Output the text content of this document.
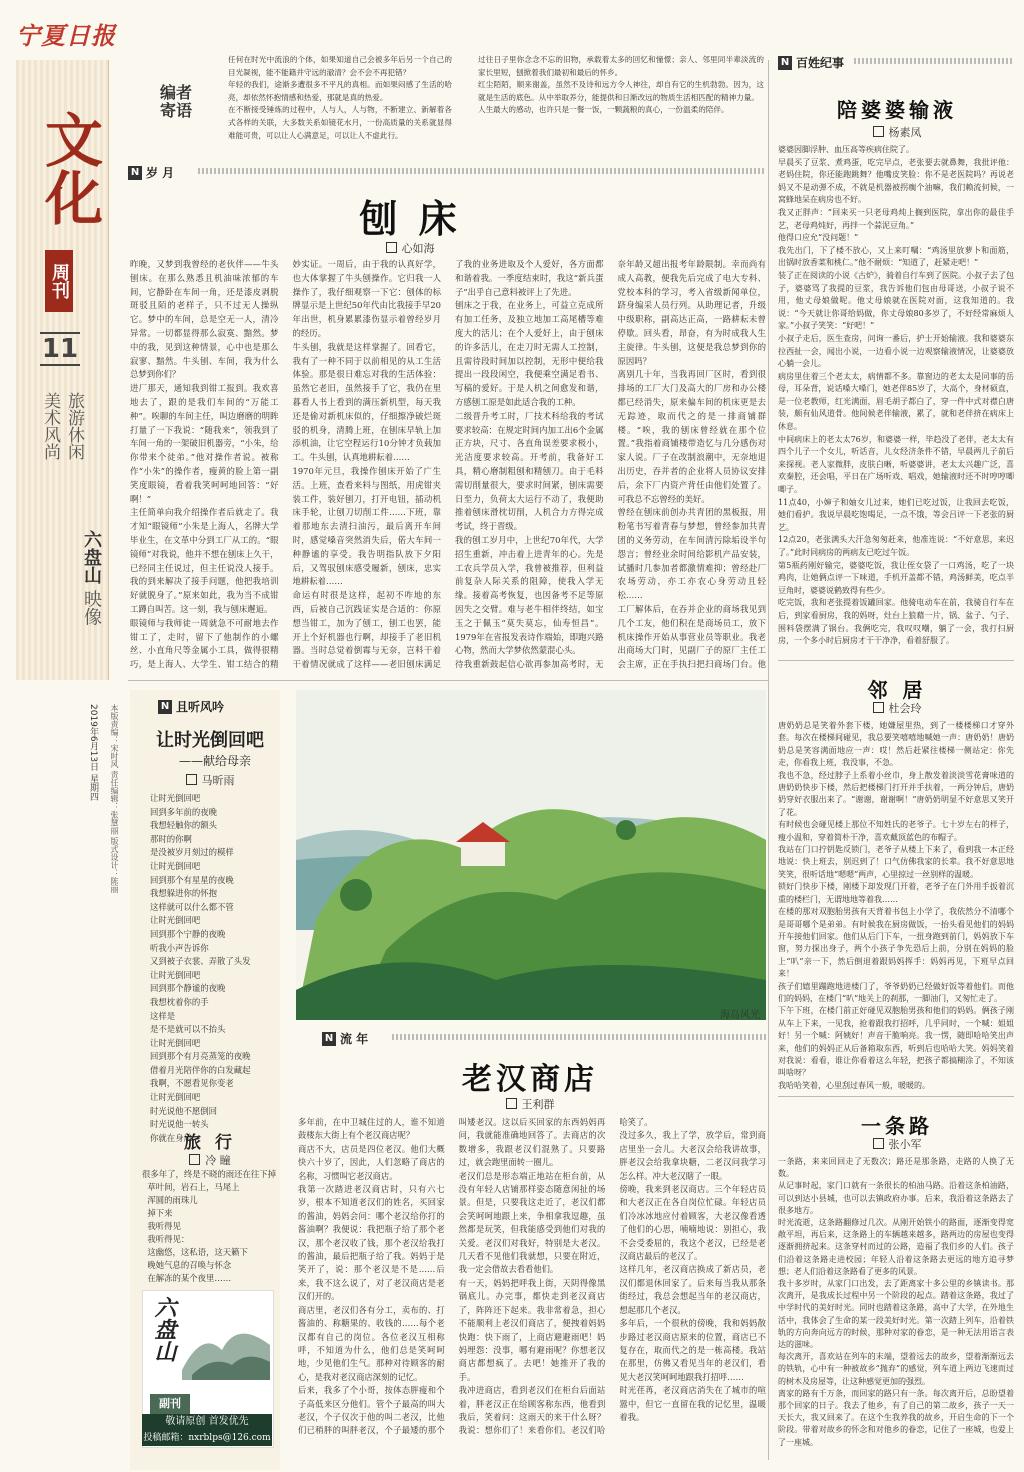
宁夏日报
文化
周刊
11
旅游休闲
美术风尚
六盘山 映像
本版责编：宋时风 责任编辑：张慧丽 版式设计：陈丽
2019年6月13日 星期四
编者寄语
任何在时光中流浪的个体，如果知道自己会被多年后另一个自己的目光凝视，能不能籍并守远的澈清？会不会不再犯错？
年轻的我们，途渐多遭很多不平凡的真相。而如果闷感了生活的哈亮，却依然怀抱情感和热爱，那就是真的热爱。
在不断接受锤炼的过程中，人与人，人与物，不断建立、新解着各式各样的关联，大多数关系如镜花水月，一份高质量的关系就显得难能可贵，可以让人心满意足，可以让人不虚此行。
过往日子里你念念不忘的旧物，承载着太多的回忆和憧憬；亲人、邻里同半辈淡流的家长里短，刨掀着我们最初和最后的怀乡。
红尘陌陌，顺来谢盖，虽然不及诗和远方令人神往，却自有它的生机勃勃。因为，这就是生活的底色。从中举取养分，能提供和日渐改远的物质生活相匹配的精神力量。
人生最大的感动，也许只是一餐一饭，一颗蔬粮的真心，一份温柔的陪伴。
N 岁 月
刨 床
心如海
昨晚，又梦到我曾经的老伙伴——牛头刨床。在那么熟悉且机油味浓郁的车间，它静卧在车间一角，还是漆皮剥脱斑驳且陌的老样子，只不过无人操纵它。梦中的车间，总是空无一人，清冷异常。一切都显得那么寂寞、黯然。梦中的我，见到这种情景，心中也是那么寂寥、黯然。牛头刨、车间，我为什么总梦到你们？
进厂那天，通知我到钳工报到。我欢喜地去了，跟的是我们车间的“万能工种”。唉聊的车间主任，叫边磨磨的明眸打量了一下我说：“随我来”，领我到了车间一角的一架破旧机器旁，“小朱，给你带来个徒弟。”他对操作者说。被称作“小朱”的操作者，瘦黄的脸上第一副笑度眼镜，看着我笑呵呵地回答：“好啊！”
主任简单向我介绍操作者后就走了。我才知“眼镜师”小朱是上海人，名牌大学毕业生，在文革中分到工厂从工的。“眼镜师”对我说，他并不想在刨床上久干，已经同主任说过，但主任说没人接手。我的到来解决了接手问题，他把我培训好就脱身了。”原来如此，我为当不成钳工蹲自叫苦。这一刻，我与刨床邂逅。
眼镜师与我师徒一周就急不可耐地去作钳工了，走时，留下了他制作的小螺丝、小直角尺等金属小工具，做得很精巧，是上海人、大学生、钳工结合的精妙实证。一周后，由于我的认真好学，也大体掌握了牛头刨操作。它归我一人操作了，我仔细观察一下它：刨体的标牌显示是上世纪50年代由比我接手早20年出世，机身累累漆伤显示着曾经岁月的经历。
牛头刨，我就是这样掌握了。回看它，我有了一种不同于以前相见的从工生活体验。那是很日难忘对我的生活体验：虽然它老旧，虽然接手了它，我仍在里暮看人书上看到的满压新机型，每天我还是偷对新机床似的，仔细擦净破烂斑驳的机身，清腾上班，在刨床早轨上加添机油，让它空程运行10分钟才负载加工。牛头刨，认真地耕耘着……
1970年元旦，我操作刨床开始了广生活。上班，查看来料与图纸，用虎钳夹装工件，装好刨刀，打开电钮，插动机床手轮，让刨刀切削工件……下班，靠着那地东去清扫油污，最后离开车间时，感觉嗓音突然消失后，偌大车间一种静谧的享受。我告明指队放下夕阳后，又驾驭刨床感受履新，刨床，忠实地耕耘着……
命运有时很是这样，起初不咋地的东西，后被自己沉践证实是合适的：你原想当钳工，加为了刨工，刨工也罢，能开上个好机器也行啊，却接手了老旧机器。当时总觉着倒霉与无奈，岂料干着干着情况就成了这样——老旧刨床满足了我的业务进取及个人爱好，各方面都和谐着我。一季度结束时，我这“新兵蛋子”出乎自己意料被评上了先进。
刨床之于我，在业务上，可益立克成所有加工任务，及独立地加工高尾槽等难度大的活儿；在个人爱好上，由于刨床的许多活儿，在走刀时无需人工控制，且需待段时间加以控制，无形中便给我提出一段段闲空，我便乘空满足看书、写稿的爱好。于是人机之间愈发和谐，方感刨工原是如此适合我的工种。
二级晋升考工时，厂技术科给我的考试要求较高：在规定时间内加工出6个金属正方块，尺寸、各直角误差要求极小，光洁度要求较高。开考前，我备好工具，精心磨制粗刨和精刨刀。由于毛料需切削量很大，要求时间紧，刨床需要日至力，负荷太大运行不动了，我便助推着刨床滑枕切削，人机合力方得完成考试，终于晋级。
我的刨工岁月中，上世纪70年代，大学招生重新，冲击着上进青年的心。先是工农兵学员入学，我曾被推荐，但利益前复杂人际关系的阻障，使我入学无缘。接着高考恢复，也因备考不足等原因失之交臂。难与老牛相伴终结，如宝玉之于佩玉“莫失莫忘，仙寿恒昌”。1979年在省报发表诗作端始，即跑兴路心物，然而大学梦依然蒙混心头。
待我重新鼓起信心欲再参加高考时，无奈年龄又超出报考年龄限制。幸而尚有成人高教，便我先后完成了电大专科、党校本科的学习，考入省级新闻单位，跻身编采人员行列。从助理记者，升级中级职称，副高达正高，一路耕耘未曾停歇。回头看，昂奋，有为时成我人生主旋律。牛头刨，这便是我总梦到你的原因吗？
离别几十年，当我再回厂区时，看到很排场的工厂大门及高大的厂房和办公楼都已经消失，原来偏车间的机床更是去无踪迹，取而代之的是一排商铺群楼。“唉，我的刨床曾经就在那个位置。”我指着商铺楼带造忆与几分感伤对家人说。厂子在改制浪潮中，无奈地退出历史，吞并者的企业将人员协议安排后，余下厂内资产背任由他们处置了。可我总不忘曾经的美好。
曾经在刨床前创办共青团的黑板报，用粉笔书写着青春与梦想，曾经参加共青团的义务劳动，在车间清污除垢设半句怨言；曾经业余时间给影机产品安装，试播时几参加者都激情难抑；曾经赴厂农场劳动，亦工亦农心身劳动且轻松……
工厂解体后，在吞并企业的商场我见到几个工友，他们积在是商场员工，放下机床操作开始从事营业员等职业。我老出商场大门时，见副厂子的原厂主任工会主席，正在手执扫把扫商场门台。他

N 百姓纪事
陪婆婆输液
杨素凤
婆婆因脚浮肿、血压高等疾病住院了。
早晨买了豆浆、煮鸡蛋，吃完早点，老张要去就鼻舞，我批评他：老妈住院，你还能跑跳舞？他嘴皮笑脸：你不是老医院吗？再说老妈又不是动弹不成，不就是机器被拐瘸个油嘛，我们赖流何候，一窝蜂地呆在病房也不好。
我又正胖声：“回来买一只老母鸡炖上搁到医院，拿出你的最佳手艺，老母鸡炖好，再拌一个蒜泥豆角。”
他得口应允“没问题！”
我先出门，下了楼不放心，又上来叮嘱：“鸡汤里放萝卜和面筋，出锅时放香菜和桃仁。”他不耐烦：“知道了，赶紧走吧！”
装了正在阅读的小说《古炉》，骑着自行车到了医院。小叔子去了包子，婆婆骂了我提的豆浆，我告诉他们包由母哥送，小叔子说不用，他丈母娘做呢。他丈母娘就在医院对面，这我知道的。我说：“今天就让你哥给妈做，你丈母娘80多岁了，不好经常麻烦人家。”小叔子笑笑：“好吧！”
小叔子走后，医生查房，问询一番后，护士开始输液。我和婆婆东拉西扯一会，闻出小说，一边看小说一边观察输液情况，让婆婆放心躺一会儿。
病房里住着三个老太太，病情都不多。靠窗边的老太太是同事的岳母，耳朵背，说话嗓大嗓门，她老伴85岁了，大高个，身材硕直，是一位老教师，红光满面，眉毛胡子都白了，穿一件中式对襟白唐装，颇有仙风道骨。他间候老伴输液，累了，就和老伴挤在病床上休息。
中间病床上的老太太76岁，和婆婆一样，毕趋没了老伴，老太太有四个儿子一个女儿，听话音，儿女经济条件不错，早晨两儿子前后来探视。老人家微胖，皮肤白晰，听婆婆讲，老太太兴趣广泛，喜欢秦腔，还会唱，平日在广场听戏、唱戏，她输液时还不时哼哼唧唧子。
11点40，小婶子和妯女儿过来，她们已吃过饭，让我回去吃饭，她们看护。我说早晨吃饱喝足，一点不饿，等会吕评一下老张的厨艺。
12点20，老张满头大汗急匆匆赶来，他准连说：“不好意思，来迟了。”此时同病房的两病友已吃过午饭。
第5瓶药刚好输完，婆婆吃饭，我让侄女袋了一口鸡汤，吃了一块鸡肉，让她俩点评一下味道，手机开盖都不错，鸡汤鲜美，吃点半豆角时，婆婆说鹤致得有些少。
吃完饭，我和老张提着饭罐回家。他骑电动车在前，我骑自行车在后，到家看厨房，我的妈呀，灶台上狼藉一片，锅、盆子、勺子、围料袋摆满了锅台。我俩吃完，我叹叹嘲，躺了一会，我打扫厨房，一个多小时后厨房才干干净净，看着舒服了。
邻 居
杜会玲
唐奶奶总是笑着外套下楼，她嫌屋里热，到了一楼楼梯口才穿外套。每次在楼梯间碰见，我总要笑嘻嘻地喊她一声：唐奶奶！唐奶奶总是笑容满面地应一声：哎！然后赶紧往楼梯一侧站定：你先走，你看我上班，我没事，不急。
我也不急，经过脖子上系着小丝巾，身上散发着淡淡雪花膏味道的唐奶奶快步下楼，然后把楼梯门打开并手扶着，一两分钟后，唐奶奶穿好衣服出来了。“谢谢，谢谢啊！”唐奶奶明显不好意思又笑开了花。
有时候也会碰见楼上那位不知姓氏的老爷子。七十岁左右的样子，瘦小温和，穿着简朴干净，喜欢戴顶蓝色的布帽子。
我站在门口拧钥匙反锁门，老爷子从楼上下来了，看到我一本正经地说：快上班去，别迟到了！口气仿佛我家的长辈。我不好意思地笑笑，很听话地“嗯嗯”两声，心里掠过一丝别样的温暖。
锁好门快步下楼，刚楼下却发现门开着，老爷子在门外用手扳着沉重的楼栏门，无谓地地等着我……
在楼的那对双胞胎男孩有天背着书包上小学了，我依然分不清哪个是哥哥哪个是弟弟。有时候我在厨房做饭，一抬头看见他们的妈妈开车接他们回家。他们从后门下车，一扭身跑到前门，妈妈放下车窗，努力探出身子，两个小孩子争先恐后上前，分别在妈妈的脸上“叭”亲一下，然后倒退着跟妈妈挥手：妈妈再见，下班早点回来！
孩子们嬉里蹦跑地进楼门了，爷爷奶奶已经做好饭等着他们。而他们的妈妈，在楼门“叭”地关上的刹那，一脚油门，又匆忙走了。
下午下班，在楼门前正好碰见双胞胎男孩和他们的妈妈。俩孩子刚从车上下来，一见我，抢着跟我打招呼，几乎同时，一个喊：姐姐好！另一个喊：阿姨好！声音干脆响亮。我一愣，随即哈哈笑出声来，他们的妈妈正从后备箱取东西，听到后也哈哈大笑。妈妈笑着对我说：看看，谁让你看着这么年轻，把孩子都搞糊涂了，不知该叫啥呀？
我哈哈笑着，心里刮过春风一般，暖暖的。
一条路
张小军
一条路，来来回回走了无数次；路还是那条路，走路的人换了无数。
从记事时起，家门口就有一条很长的柏油马路。沿着这条柏油路，可以到达小县城，也可以去镇政府办事。后来，我沿着这条路去了很多地方。
时光流逝，这条路翻修过几次。从刚开始铁小的路面，逐渐变得宽敞平坦，再后来，这条路上的车辆越来越多，路两边的房屋也变得逐渐拥挤起来。这条穿村而过的公路，造福了我们乡的人们。孩子们沿着这条路走进校园；年轻人沿着这条路去更远的地方追寻梦想；老人们沿着这条路看了更多的风景。
我十多岁时，从家门口出发，去了距离家十多公里的乡镇读书。那次离开，是我成长过程中另一个阶段的起点。踏着这条路，我过了中学时代的美好时光。同时也踏着这条路，高中了大学，在外地生活中，我体会了生命的某一段美好时光。第一次踏上列车，沿着铁轨的方向奔向远方的时候，那种对家的眷恋，是一种无法用语言表达的滋味。
每次离开，喜欢站在列车的末端，望着远去的故乡，望着渐渐远去的铁轨，心中有一种被故乡“抛弃”的感觉，列车道上两边飞速而过的树木及房屋等，让这种感觉更加的强烈。
离家的路有千万条，而回家的路只有一条。每次离开后，总盼望着那个回家的日子。我去了他乡，有了自己的第二故乡，孩子一天一天长大，我又回来了。在这个生我养我的故乡，开启生命的下一个阶段。带着对故乡的怀念和对他乡的眷恋，记住了一座城，也爱上了一座城。
N 且听风吟
让时光倒回吧
——献给母亲
马昕雨
让时光倒回吧
回到多年前的夜晚
我想轻触你的额头
那时的你啊
是没被岁月刻过的模样
让时光倒回吧
回到那个有星星的夜晚
我想躲进你的怀抱
这样就可以什么都不管
让时光倒回吧
回到那个宁静的夜晚
听我小声告诉你
又到被子衣裳、弄散了头发
让时光倒回吧
回到那个静谧的夜晚
我想枕着你的手
这样是
是不是就可以不抬头
让时光倒回吧
回到那个有月亮蒸笼的夜晚
借着月光陪伴你的白发藏起
我啊，不愿看见你变老
让时光倒回吧
时光说他不愿倒回
时光说他一转头
你就在身后
旅 行
冷 瞳
很多年了，终是不晓的雨还在往下掉
草叶间，岩石上，马尾上
浑圆的雨珠儿
掉下来
我听得见
我听得见：
这幽悠，这私语，这天籁下
晚她气息的召唤与怀念
在解冻的某个夜里……
六盘山
副刊
敬请原创 首发优先
投稿邮箱：nxrblps@126.com
海岛风光
N 流 年
老汉商店
王利群
多年前，在中卫城住过的人，谁不知道鼓楼东大街上有个老汉商店呢？
商店不大，店员是四位老汉。他们大概快六十岁了，因此，人们忽略了商店的名称，习惯叫它老汉商店。
我第一次踏进老汉商店时，只有六七岁，根本不知道老汉们的姓名，买回家的酱油，妈妈会问：哪个老汉给你打的酱油啊？我便说：我把瓶子给了那个老汉，那个老汉收了钱，那个老汉给我打的酱油，最后把瓶子给了我。妈妈于是笑开了，说：那个老汉是不是……后来，我不这么说了，对了老汉商店是老汉们开的。
商店里，老汉们各有分工，卖布的、打酱油的、称糖果的、收钱的……每个老汉都有自己的岗位。各位老汉互相称呼，不知道为什么，他们总是笑呵呵地，少见他们生气。那种对待顾客的耐心，是我对老汉商店深刻的记忆。
后来，我多了个小哥，按体态胖瘦和个子高低来区分他们。管个子最高的叫大老汉，个子仅次于他的叫二老汉，比他们已稍胖的叫胖老汉，个子最矮的那个叫矮老汉。这以后买回家的东西妈妈再问，我就能准确地回答了。去商店的次数增多，我跟老汉们混熟了。只要路过，就会跑里面转一圈儿。
老汉们总是形态端正地站在柜台前，从没有年轻人店铺那样姿态随意闲扯的场景。但是，只要我这走近了，老汉们都会笑呵呵地跟上来，争相拿我逗趣，虽然都是玩笑，但我能感受到他们对我的关爱。老汉们对我好，特别是大老汉。几天看不见他们我就想，只要在附近，我一定会借故去看看他们。
有一天，妈妈把呼我上街，天阴得像黑锅底儿。办完事，都快走到老汉商店了，阵阵还下起来。我非常着急，担心不能顺利上老汉们商店了，便拽着妈妈快跑：快下雨了，上商店避避雨吧！妈妈埋怨：没事，哪有避雨呢？你想老汉商店都想疯了。去吧！她推开了我的手。
我冲进商店，看到老汉们在柜台后面站着，胖老汉正在给顾客称东西，他看到我后，笑着问：这雨天的来干什么呀？我说：想你们了！来看你们。老汉们哈哈笑了。
没过多久，我上了学，放学后，常到商店里坐一会儿。大老汉会给我讲故事，胖老汉会给我拿块糖，二老汉问我学习怎么样。冲大老汉瞎了一眼。
傍晚，我来到老汉商店。三个年轻店员和大老汉正在各自岗位忙碌。年轻店员们冷冰冰地应付着顾客，大老汉像看透了他们的心思，喃喃地说：别担心，我不会受委屈的，我这个老汉，已经是老汉商店最后的老汉了。
这样几年，老汉商店换成了新店员，老汉们都退休回家了。后来每当我从那条街经过，我总会想起当年的老汉商店，想起那几个老汉。
多年后，一个很秋的傍晚，我和妈妈散步路过老汉商店原来的位置，商店已不复存在，取而代之的是一栋高楼。我站在那里，仿佛又看见当年的老汉们，看见大老汉笑呵呵地跟我打招呼……
时光荏苒，老汉商店消失在了城市的喧嚣中，但它一直留在我的记忆里，温暖着我。
